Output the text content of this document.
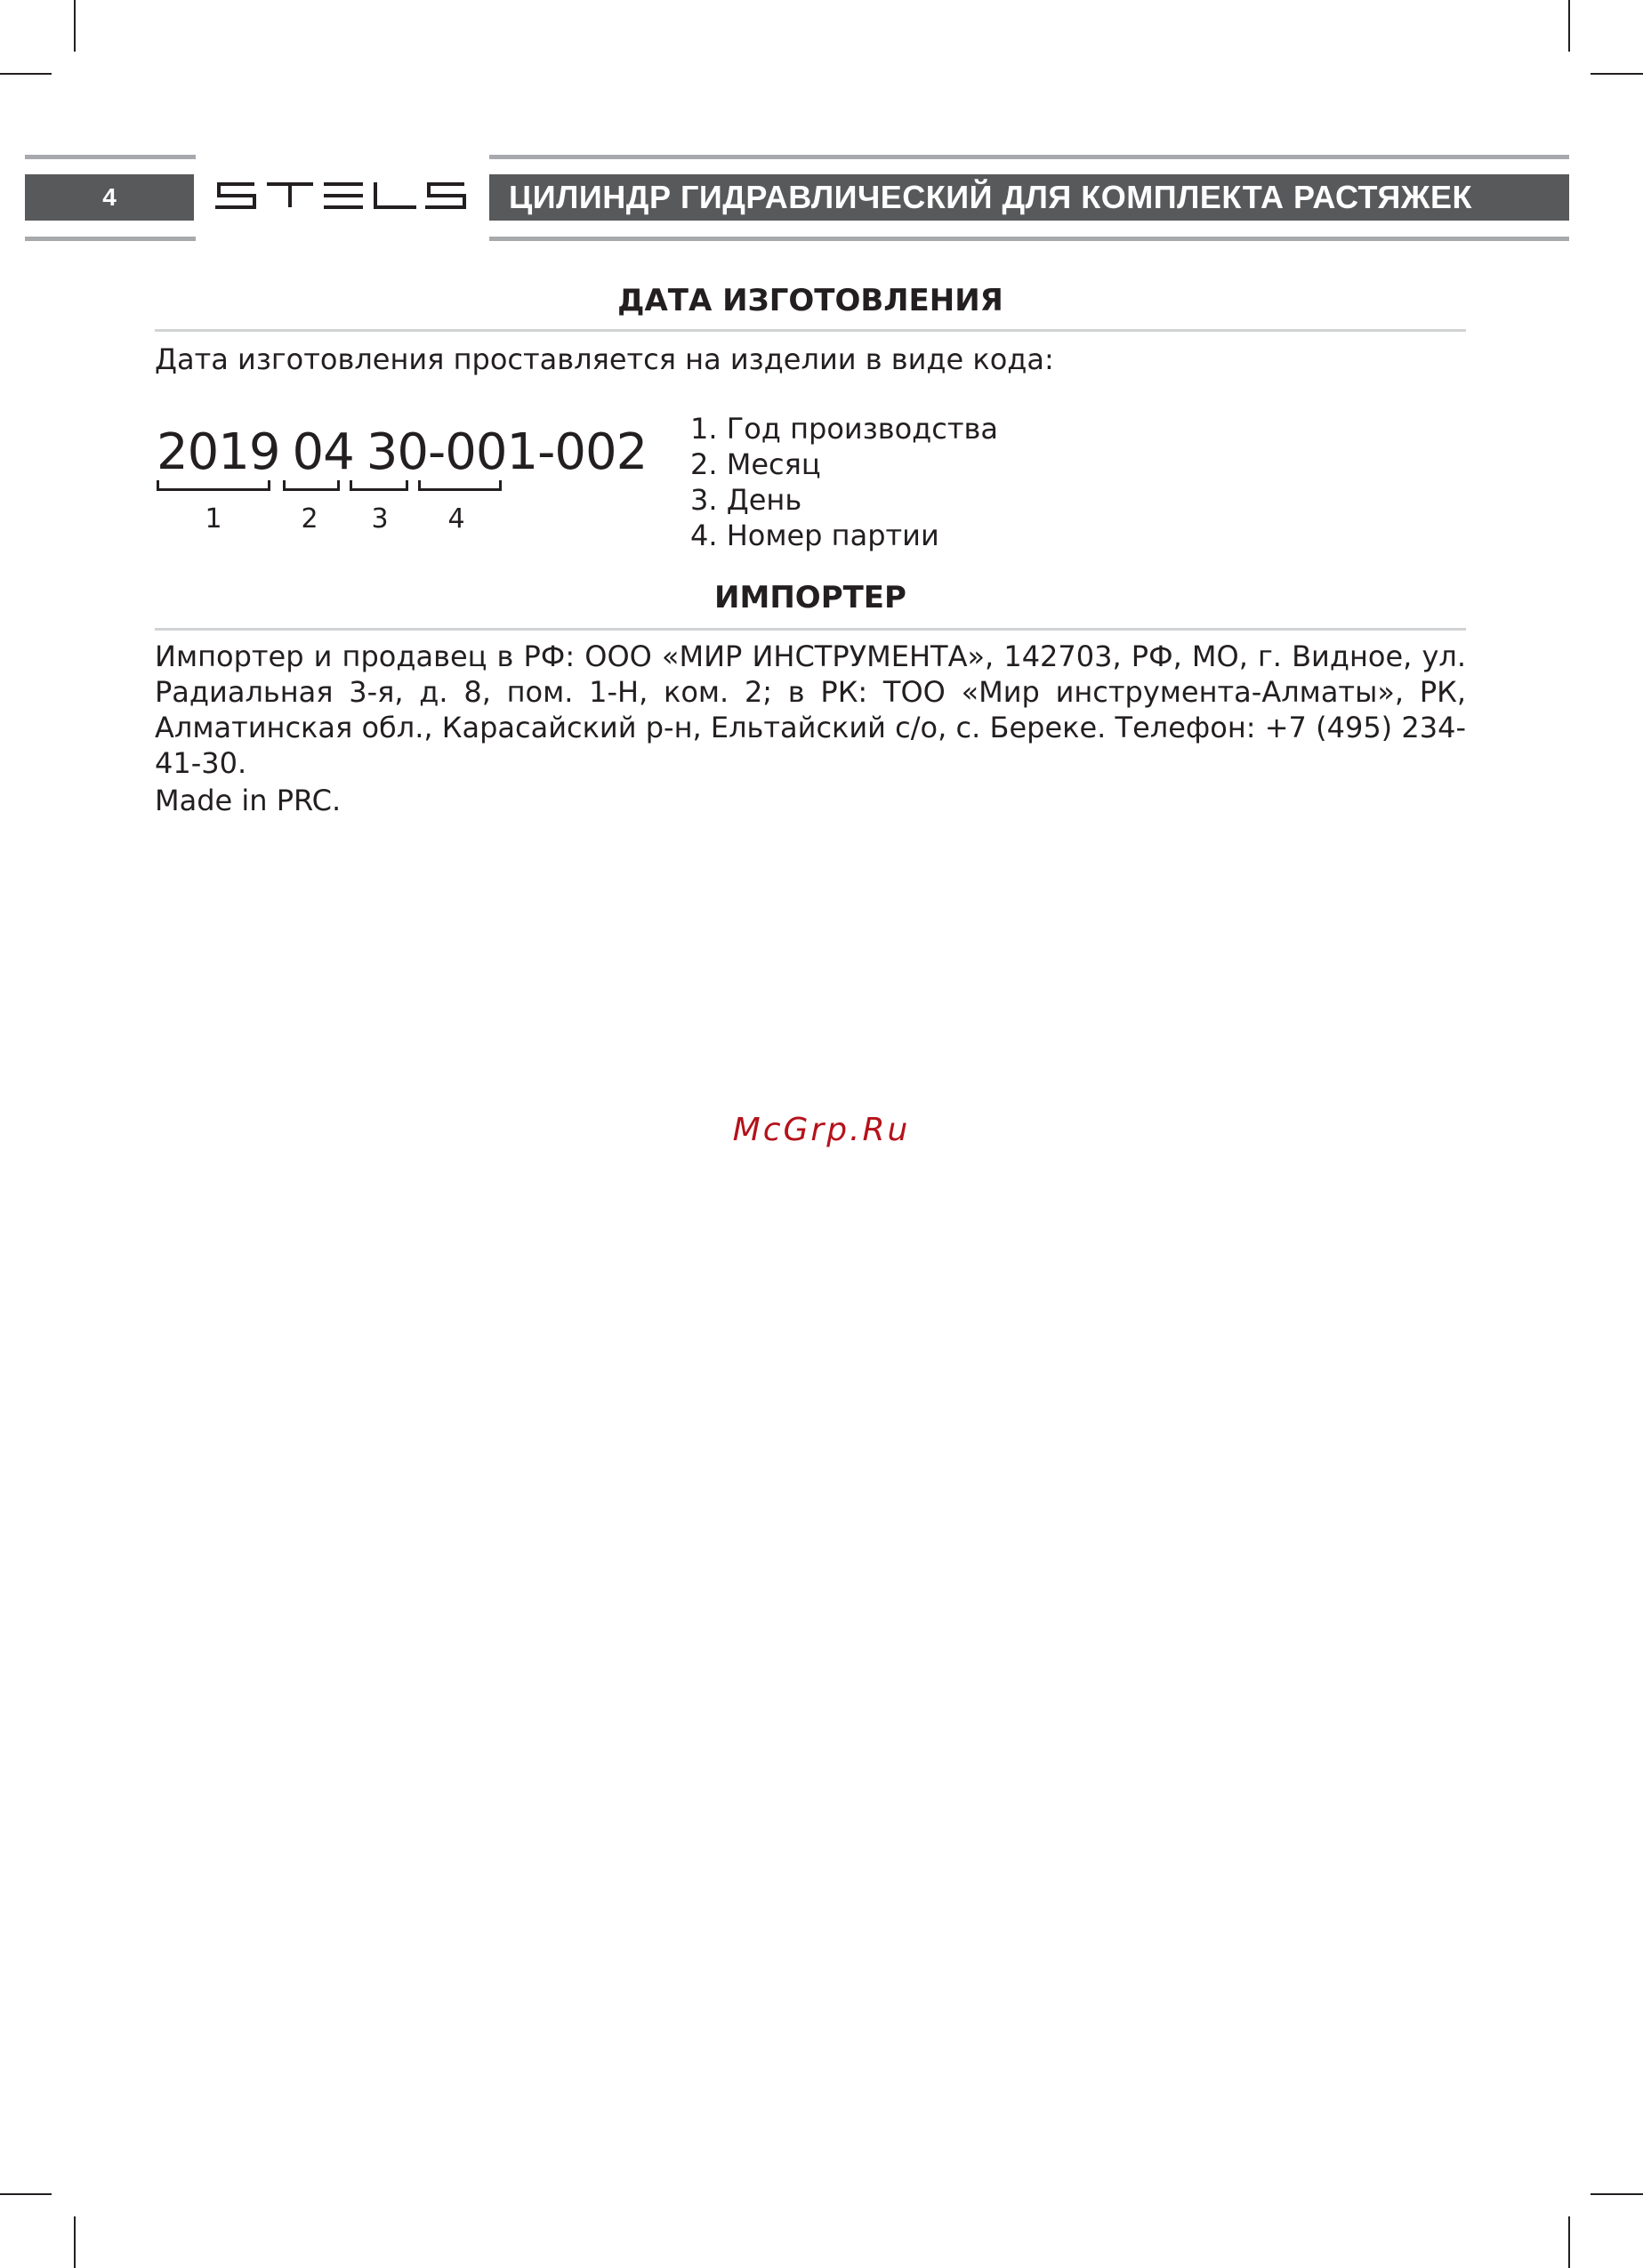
4	ЦИЛИНДР ГИДРАВЛИЧЕСКИЙ ДЛЯ КОМПЛЕКТА РАСТЯЖЕК
ДАТА ИЗГОТОВЛЕНИЯ
Дата изготовления проставляется на изделии в виде кода:
2019 04 30-001-002
1	2	3	4
1. Год производства
2. Месяц
3. День
4. Номер партии
ИМПОРТЕР
Импортер и продавец в РФ: ООО «МИР ИНСТРУМЕНТА», 142703, РФ, МО, г. Видное, ул. Радиальная 3-я, д. 8, пом. 1-Н, ком. 2; в РК: ТОО «Мир инструмента-Алматы», РК, Алматинская обл., Карасайский р-н, Ельтайский с/о, с. Береке. Телефон: +7 (495) 234-41-30.
Made in PRC.
McGrp.Ru
